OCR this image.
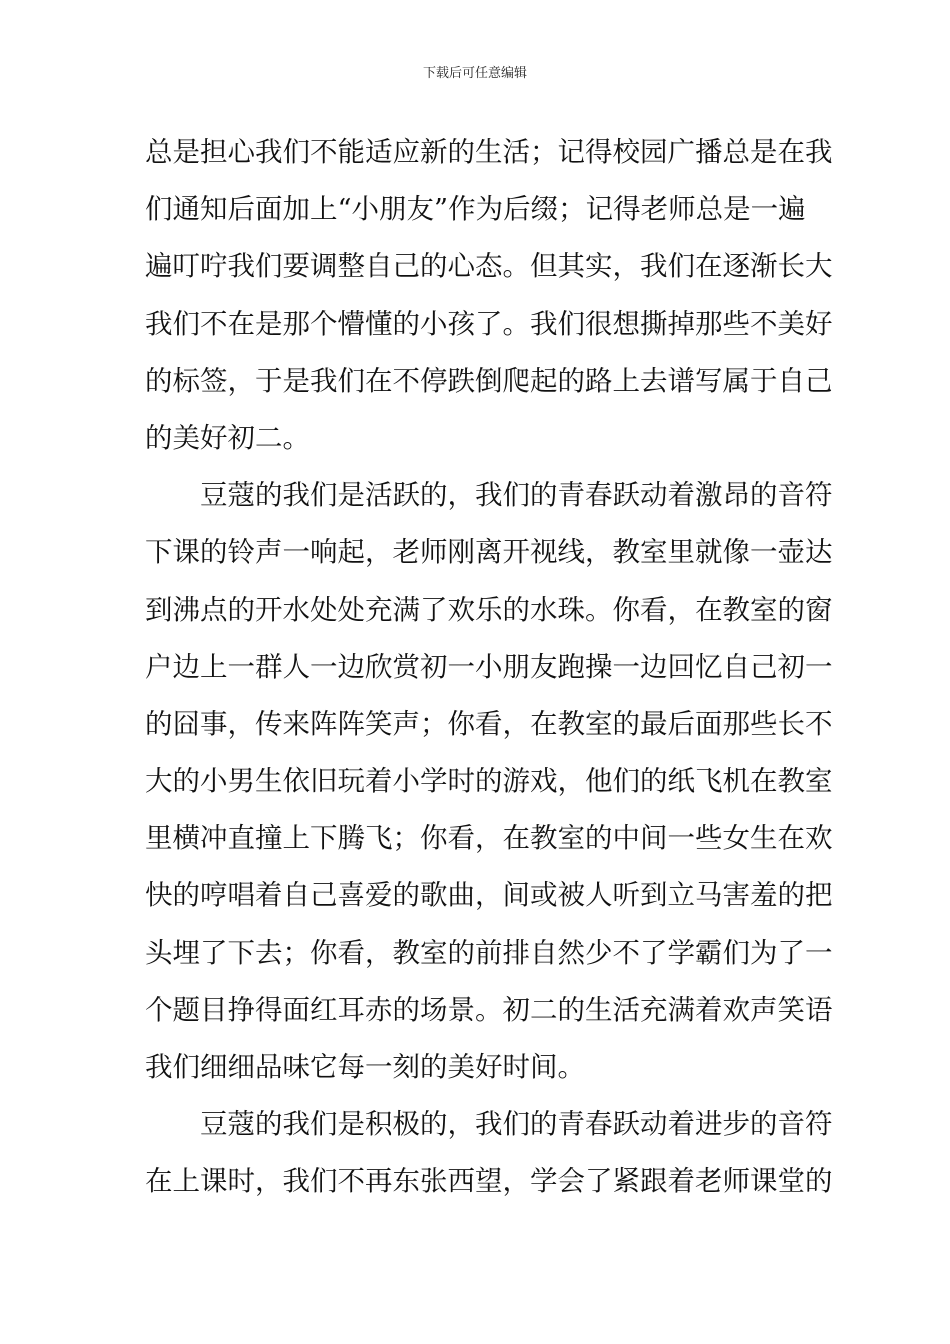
下载后可任意编辑
总是担心我们不能适应新的生活；记得校园广播总是在我
们通知后面加上“小朋友”作为后缀；记得老师总是一遍
遍叮咛我们要调整自己的心态。但其实，我们在逐渐长大
我们不在是那个懵懂的小孩了。我们很想撕掉那些不美好
的标签，于是我们在不停跌倒爬起的路上去谱写属于自己
的美好初二。
豆蔻的我们是活跃的，我们的青春跃动着激昂的音符
下课的铃声一响起，老师刚离开视线，教室里就像一壶达
到沸点的开水处处充满了欢乐的水珠。你看，在教室的窗
户边上一群人一边欣赏初一小朋友跑操一边回忆自己初一
的囧事，传来阵阵笑声；你看，在教室的最后面那些长不
大的小男生依旧玩着小学时的游戏，他们的纸飞机在教室
里横冲直撞上下腾飞；你看，在教室的中间一些女生在欢
快的哼唱着自己喜爱的歌曲，间或被人听到立马害羞的把
头埋了下去；你看，教室的前排自然少不了学霸们为了一
个题目挣得面红耳赤的场景。初二的生活充满着欢声笑语
我们细细品味它每一刻的美好时间。
豆蔻的我们是积极的，我们的青春跃动着进步的音符
在上课时，我们不再东张西望，学会了紧跟着老师课堂的
